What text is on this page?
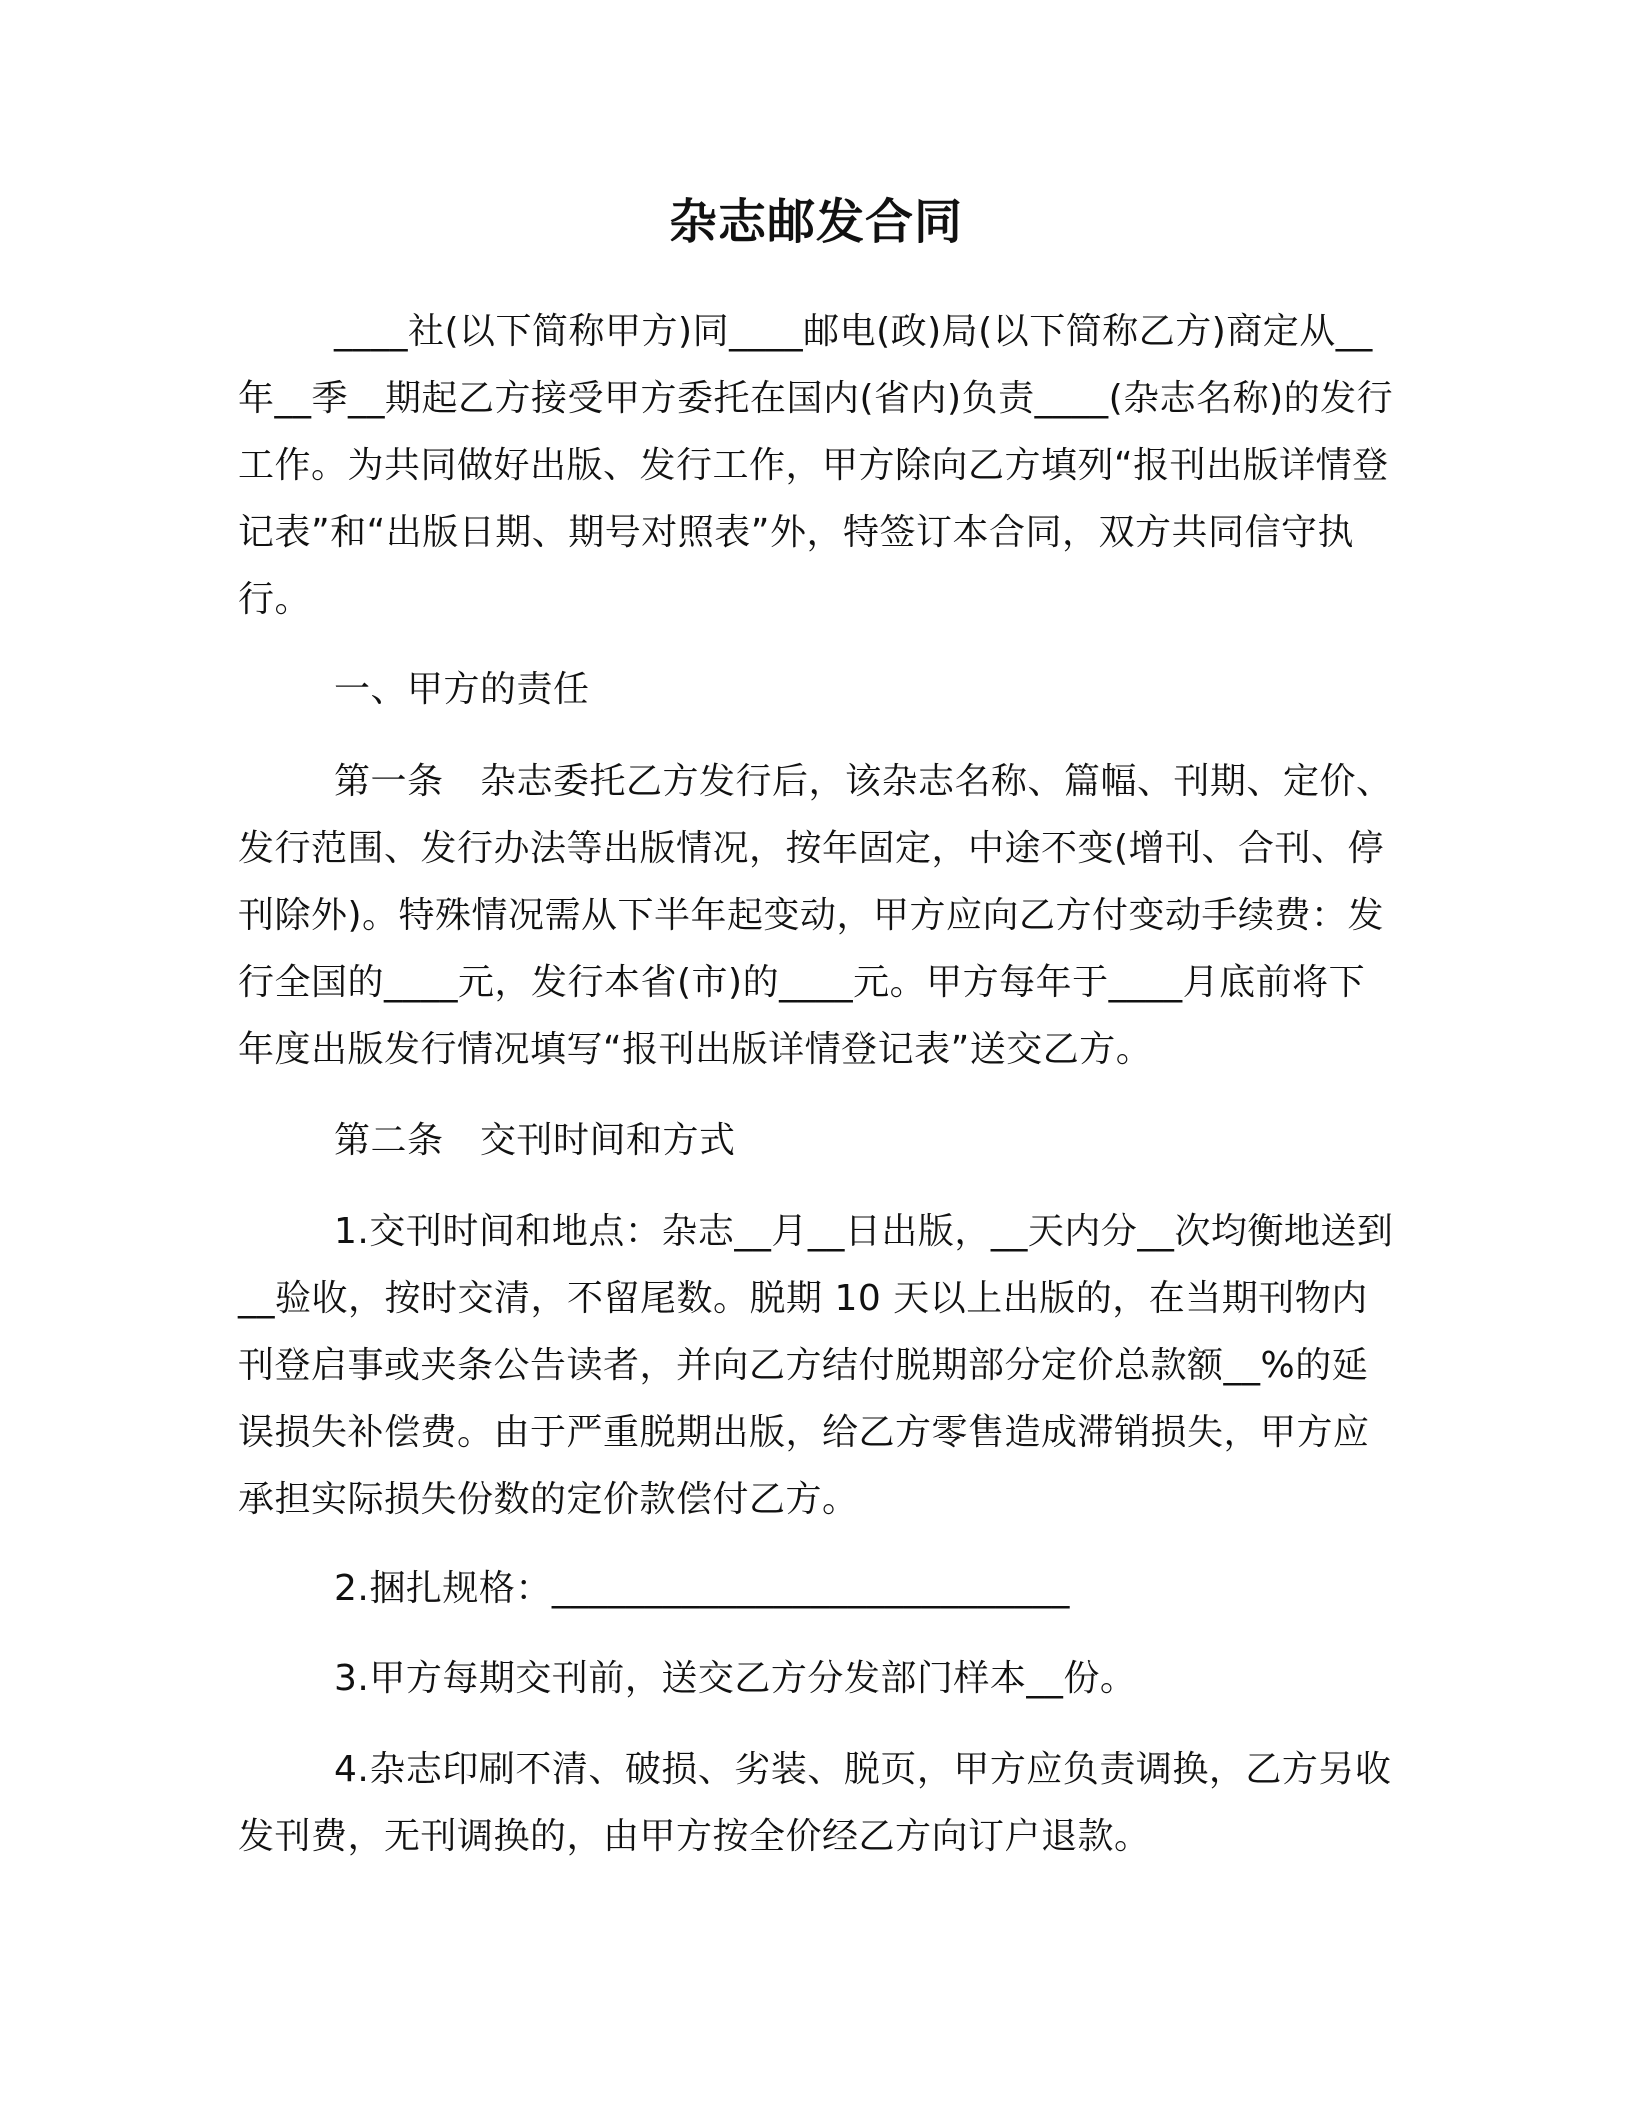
杂志邮发合同
____社(以下简称甲方)同____邮电(政)局(以下简称乙方)商定从__年__季__期起乙方接受甲方委托在国内(省内)负责____(杂志名称)的发行工作。为共同做好出版、发行工作，甲方除向乙方填列“报刊出版详情登记表”和“出版日期、期号对照表”外，特签订本合同，双方共同信守执行。
一、甲方的责任
第一条　杂志委托乙方发行后，该杂志名称、篇幅、刊期、定价、发行范围、发行办法等出版情况，按年固定，中途不变(增刊、合刊、停刊除外)。特殊情况需从下半年起变动，甲方应向乙方付变动手续费：发行全国的____元，发行本省(市)的____元。甲方每年于____月底前将下年度出版发行情况填写“报刊出版详情登记表”送交乙方。
第二条　交刊时间和方式
1.交刊时间和地点：杂志__月__日出版，__天内分__次均衡地送到__验收，按时交清，不留尾数。脱期 10 天以上出版的，在当期刊物内刊登启事或夹条公告读者，并向乙方结付脱期部分定价总款额__%的延误损失补偿费。由于严重脱期出版，给乙方零售造成滞销损失，甲方应承担实际损失份数的定价款偿付乙方。
2.捆扎规格：____________________________
3.甲方每期交刊前，送交乙方分发部门样本__份。
4.杂志印刷不清、破损、劣装、脱页，甲方应负责调换，乙方另收发刊费，无刊调换的，由甲方按全价经乙方向订户退款。
